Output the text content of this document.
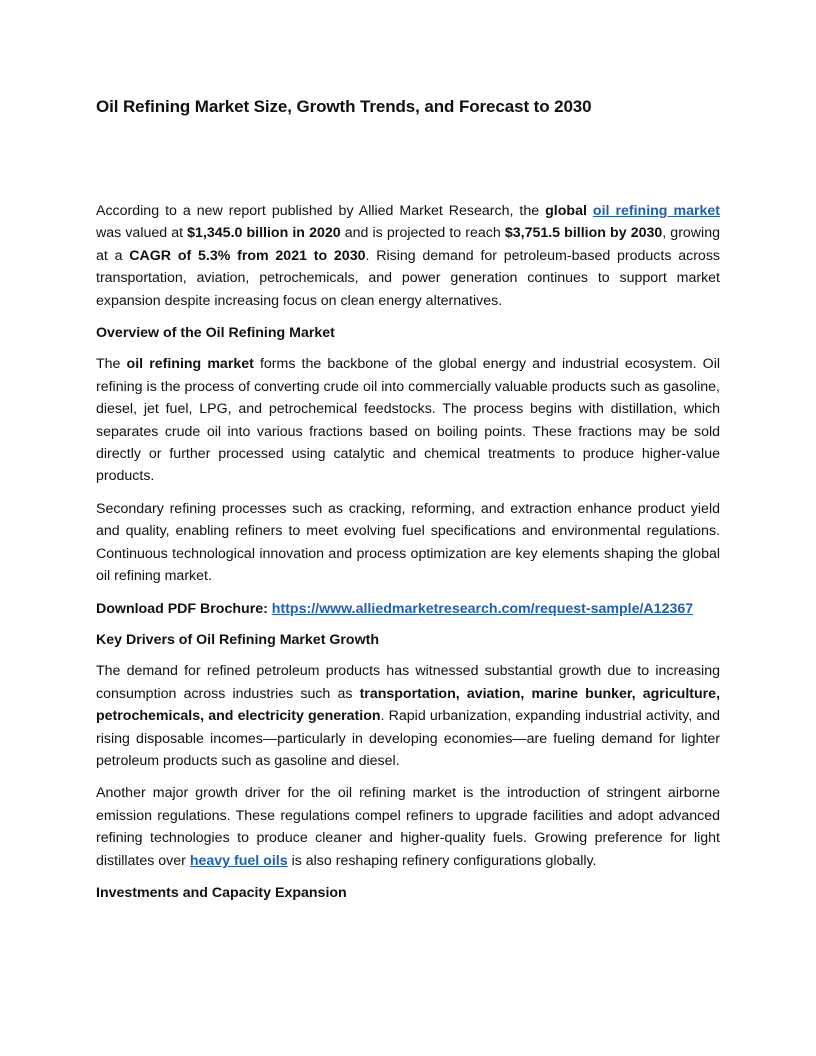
Oil Refining Market Size, Growth Trends, and Forecast to 2030

According to a new report published by Allied Market Research, the global oil refining market was valued at $1,345.0 billion in 2020 and is projected to reach $3,751.5 billion by 2030, growing at a CAGR of 5.3% from 2021 to 2030. Rising demand for petroleum-based products across transportation, aviation, petrochemicals, and power generation continues to support market expansion despite increasing focus on clean energy alternatives.

Overview of the Oil Refining Market

The oil refining market forms the backbone of the global energy and industrial ecosystem. Oil refining is the process of converting crude oil into commercially valuable products such as gasoline, diesel, jet fuel, LPG, and petrochemical feedstocks. The process begins with distillation, which separates crude oil into various fractions based on boiling points. These fractions may be sold directly or further processed using catalytic and chemical treatments to produce higher-value products.

Secondary refining processes such as cracking, reforming, and extraction enhance product yield and quality, enabling refiners to meet evolving fuel specifications and environmental regulations. Continuous technological innovation and process optimization are key elements shaping the global oil refining market.

Download PDF Brochure: https://www.alliedmarketresearch.com/request-sample/A12367

Key Drivers of Oil Refining Market Growth

The demand for refined petroleum products has witnessed substantial growth due to increasing consumption across industries such as transportation, aviation, marine bunker, agriculture, petrochemicals, and electricity generation. Rapid urbanization, expanding industrial activity, and rising disposable incomes—particularly in developing economies—are fueling demand for lighter petroleum products such as gasoline and diesel.

Another major growth driver for the oil refining market is the introduction of stringent airborne emission regulations. These regulations compel refiners to upgrade facilities and adopt advanced refining technologies to produce cleaner and higher-quality fuels. Growing preference for light distillates over heavy fuel oils is also reshaping refinery configurations globally.

Investments and Capacity Expansion
